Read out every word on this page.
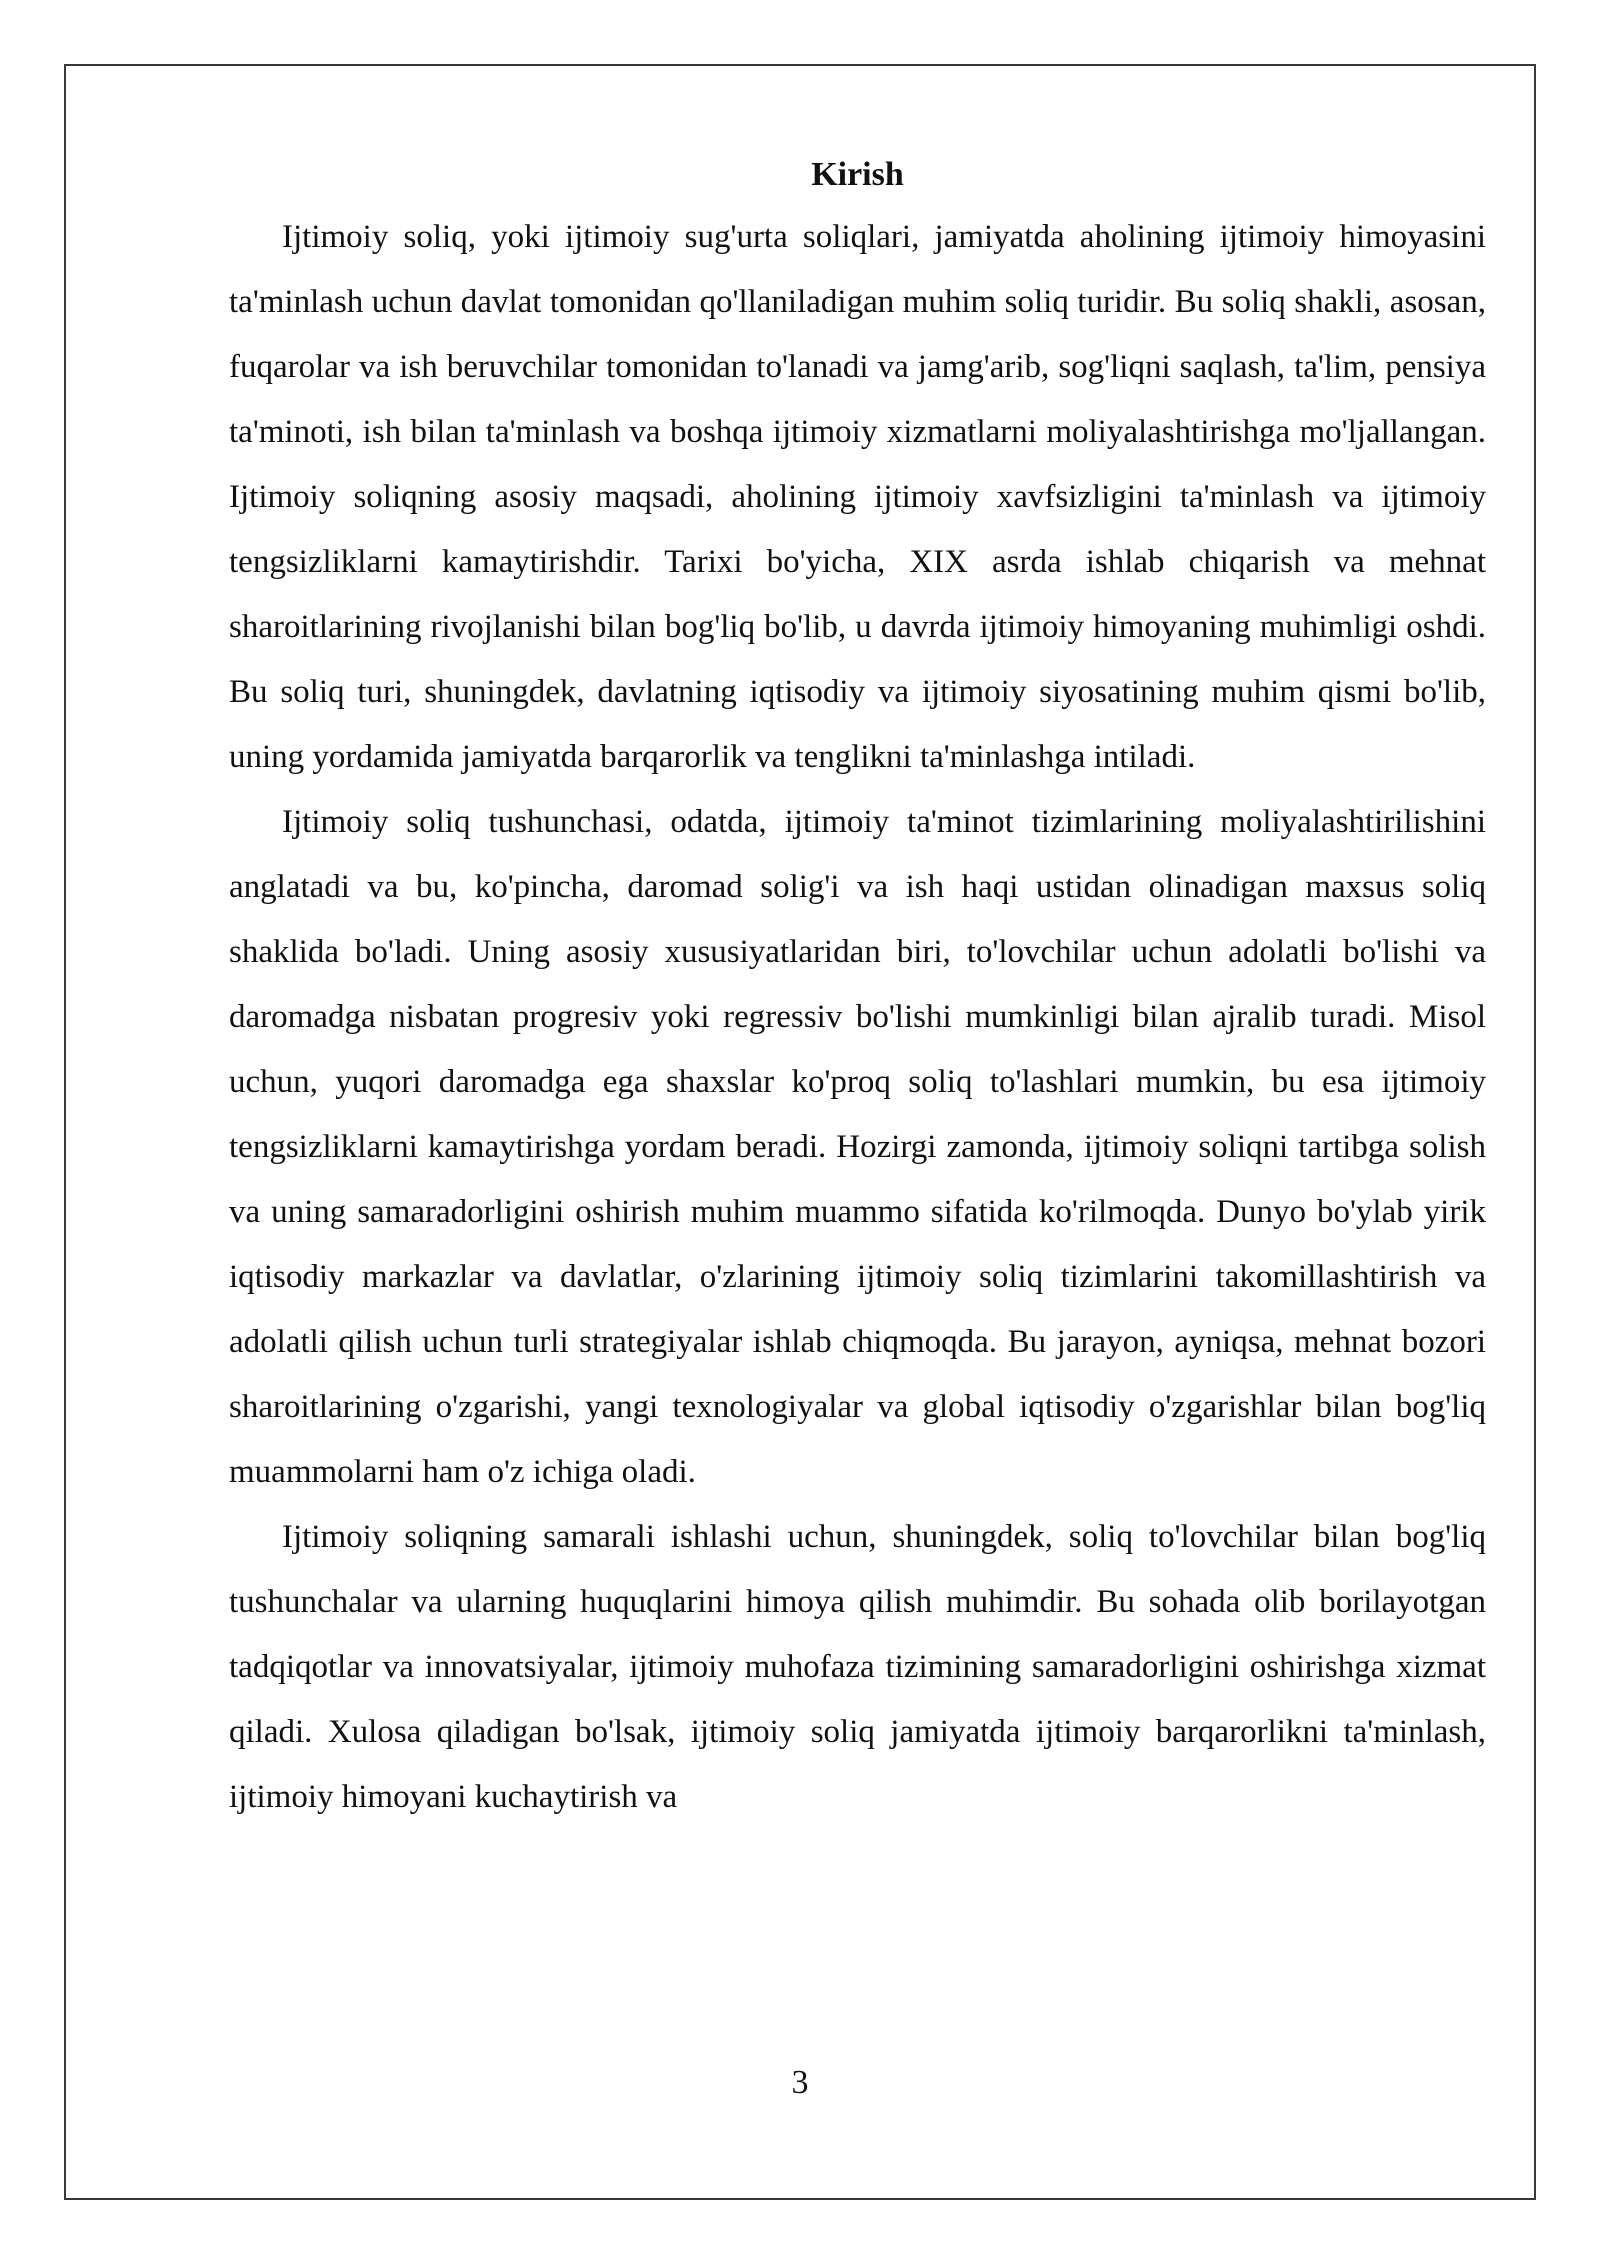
Kirish

Ijtimoiy soliq, yoki ijtimoiy sug'urta soliqlari, jamiyatda aholining ijtimoiy himoyasini ta'minlash uchun davlat tomonidan qo'llaniladigan muhim soliq turidir. Bu soliq shakli, asosan, fuqarolar va ish beruvchilar tomonidan to'lanadi va jamg'arib, sog'liqni saqlash, ta'lim, pensiya ta'minoti, ish bilan ta'minlash va boshqa ijtimoiy xizmatlarni moliyalashtirishga mo'ljallangan. Ijtimoiy soliqning asosiy maqsadi, aholining ijtimoiy xavfsizligini ta'minlash va ijtimoiy tengsizliklarni kamaytirishdir. Tarixi bo'yicha, XIX asrda ishlab chiqarish va mehnat sharoitlarining rivojlanishi bilan bog'liq bo'lib, u davrda ijtimoiy himoyaning muhimligi oshdi. Bu soliq turi, shuningdek, davlatning iqtisodiy va ijtimoiy siyosatining muhim qismi bo'lib, uning yordamida jamiyatda barqarorlik va tenglikni ta'minlashga intiladi.

Ijtimoiy soliq tushunchasi, odatda, ijtimoiy ta'minot tizimlarining moliyalashtirilishini anglatadi va bu, ko'pincha, daromad solig'i va ish haqi ustidan olinadigan maxsus soliq shaklida bo'ladi. Uning asosiy xususiyatlaridan biri, to'lovchilar uchun adolatli bo'lishi va daromadga nisbatan progresiv yoki regressiv bo'lishi mumkinligi bilan ajralib turadi. Misol uchun, yuqori daromadga ega shaxslar ko'proq soliq to'lashlari mumkin, bu esa ijtimoiy tengsizliklarni kamaytirishga yordam beradi. Hozirgi zamonda, ijtimoiy soliqni tartibga solish va uning samaradorligini oshirish muhim muammo sifatida ko'rilmoqda. Dunyo bo'ylab yirik iqtisodiy markazlar va davlatlar, o'zlarining ijtimoiy soliq tizimlarini takomillashtirish va adolatli qilish uchun turli strategiyalar ishlab chiqmoqda. Bu jarayon, ayniqsa, mehnat bozori sharoitlarining o'zgarishi, yangi texnologiyalar va global iqtisodiy o'zgarishlar bilan bog'liq muammolarni ham o'z ichiga oladi.

Ijtimoiy soliqning samarali ishlashi uchun, shuningdek, soliq to'lovchilar bilan bog'liq tushunchalar va ularning huquqlarini himoya qilish muhimdir. Bu sohada olib borilayotgan tadqiqotlar va innovatsiyalar, ijtimoiy muhofaza tizimining samaradorligini oshirishga xizmat qiladi. Xulosa qiladigan bo'lsak, ijtimoiy soliq jamiyatda ijtimoiy barqarorlikni ta'minlash, ijtimoiy himoyani kuchaytirish va

3
